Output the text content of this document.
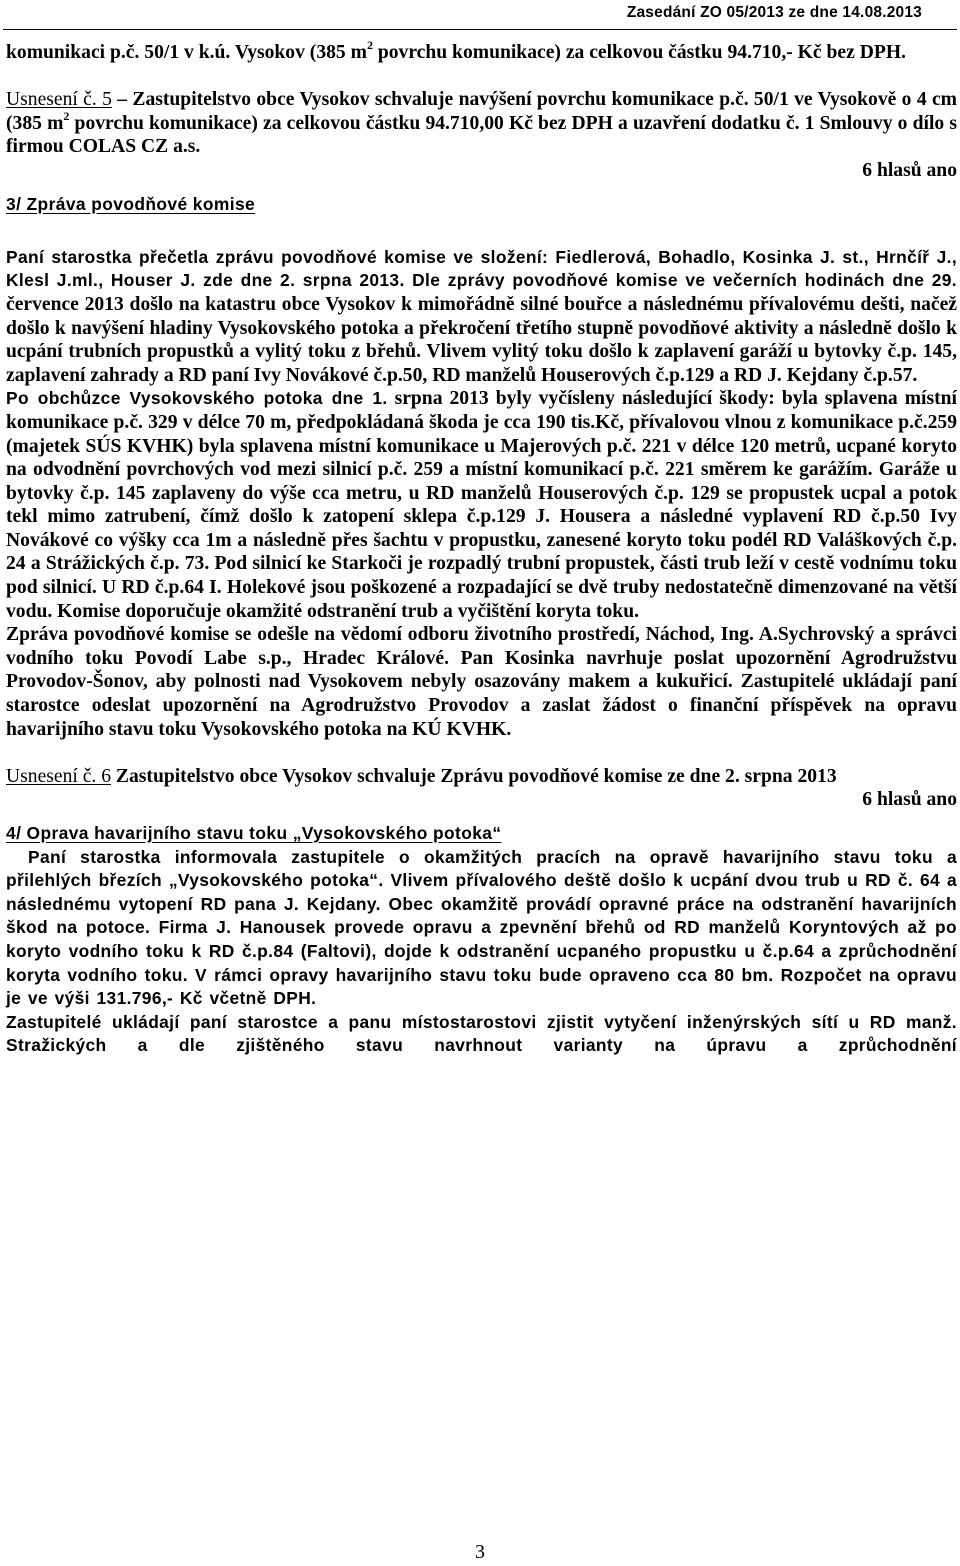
Zasedání ZO 05/2013 ze dne 14.08.2013

komunikaci p.č. 50/1 v k.ú. Vysokov (385 $m^2$ povrchu komunikace) za celkovou částku 94.710,- Kč bez DPH.

Usnesení č. 5 – Zastupitelstvo obce Vysokov schvaluje navýšení povrchu komunikace p.č. 50/1 ve Vysokově o 4 cm (385 $m^2$ povrchu komunikace) za celkovou částku 94.710,00 Kč bez DPH a uzavření dodatku č. 1 Smlouvy o dílo s firmou COLAS CZ a.s.

6 hlasů ano

3/ Zpráva povodňové komise

Paní starostka přečetla zprávu povodňové komise ve složení: Fiedlerová, Bohadlo, Kosinka J. st., Hrnčíř J., Klesl J.ml., Houser J. zde dne 2. srpna 2013. Dle zprávy povodňové komise ve večerních hodinách dne 29. července 2013 došlo na katastru obce Vysokov k mimořádně silné bouřce a následnému přívalovému dešti, načež došlo k navýšení hladiny Vysokovského potoka a překročení třetího stupně povodňové aktivity a následně došlo k ucpání trubních propustků a vylitý toku z břehů. Vlivem vylitý toku došlo k zaplavení garáží u bytovky č.p. 145, zaplavení zahrady a RD paní Ivy Novákové č.p.50, RD manželů Houserových č.p.129 a RD J. Kejdany č.p.57.

Po obchůzce Vysokovského potoka dne 1. srpna 2013 byly vyčísleny následující škody: byla splavena místní komunikace p.č. 329 v délce 70 m, předpokládaná škoda je cca 190 tis.Kč, přívalovou vlnou z komunikace p.č.259 (majetek SÚS KVHK) byla splavena místní komunikace u Majerových p.č. 221 v délce 120 metrů, ucpané koryto na odvodnění povrchových vod mezi silnicí p.č. 259 a místní komunikací p.č. 221 směrem ke garážím. Garáže u bytovky č.p. 145 zaplaveny do výše cca metru, u RD manželů Houserových č.p. 129 se propustek ucpal a potok tekl mimo zatrubení, čímž došlo k zatopení sklepa č.p.129 J. Housera a následné vyplavení RD č.p.50 Ivy Novákové co výšky cca 1m a následně přes šachtu v propustku, zanesené koryto toku podél RD Valáškových č.p. 24 a Strážických č.p. 73. Pod silnicí ke Starkoči je rozpadlý trubní propustek, části trub leží v cestě vodnímu toku pod silnicí. U RD č.p.64 I. Holekové jsou poškozené a rozpadající se dvě truby nedostatečně dimenzované na větší vodu. Komise doporučuje okamžité odstranění trub a vyčištění koryta toku.

Zpráva povodňové komise se odešle na vědomí odboru životního prostředí, Náchod, Ing. A.Sychrovský a správci vodního toku Povodí Labe s.p., Hradec Králové. Pan Kosinka navrhuje poslat upozornění Agrodružstvu Provodov-Šonov, aby polnosti nad Vysokovem nebyly osazovány makem a kukuřicí. Zastupitelé ukládají paní starostce odeslat upozornění na Agrodružstvo Provodov a zaslat žádost o finanční příspěvek na opravu havarijního stavu toku Vysokovského potoka na KÚ KVHK.

Usnesení č. 6 Zastupitelstvo obce Vysokov schvaluje Zprávu povodňové komise ze dne 2. srpna 2013

6 hlasů ano

4/ Oprava havarijního stavu toku „Vysokovského potoka“

Paní starostka informovala zastupitele o okamžitých pracích na opravě havarijního stavu toku a přilehlých březích „Vysokovského potoka“. Vlivem přívalového deště došlo k ucpání dvou trub u RD č. 64 a následnému vytopení RD pana J. Kejdany. Obec okamžitě provádí opravné práce na odstranění havarijních škod na potoce. Firma J. Hanousek provede opravu a zpevnění břehů od RD manželů Koryntových až po koryto vodního toku k RD č.p.84 (Faltovi), dojde k odstranění ucpaného propustku u č.p.64 a zprůchodnění koryta vodního toku. V rámci opravy havarijního stavu toku bude opraveno cca 80 bm. Rozpočet na opravu je ve výši 131.796,- Kč včetně DPH.

Zastupitelé ukládají paní starostce a panu místostarostovi zjistit vytyčení inženýrských sítí u RD manž. Stražických a dle zjištěného stavu navrhnout varianty na úpravu a zprůchodnění

3
